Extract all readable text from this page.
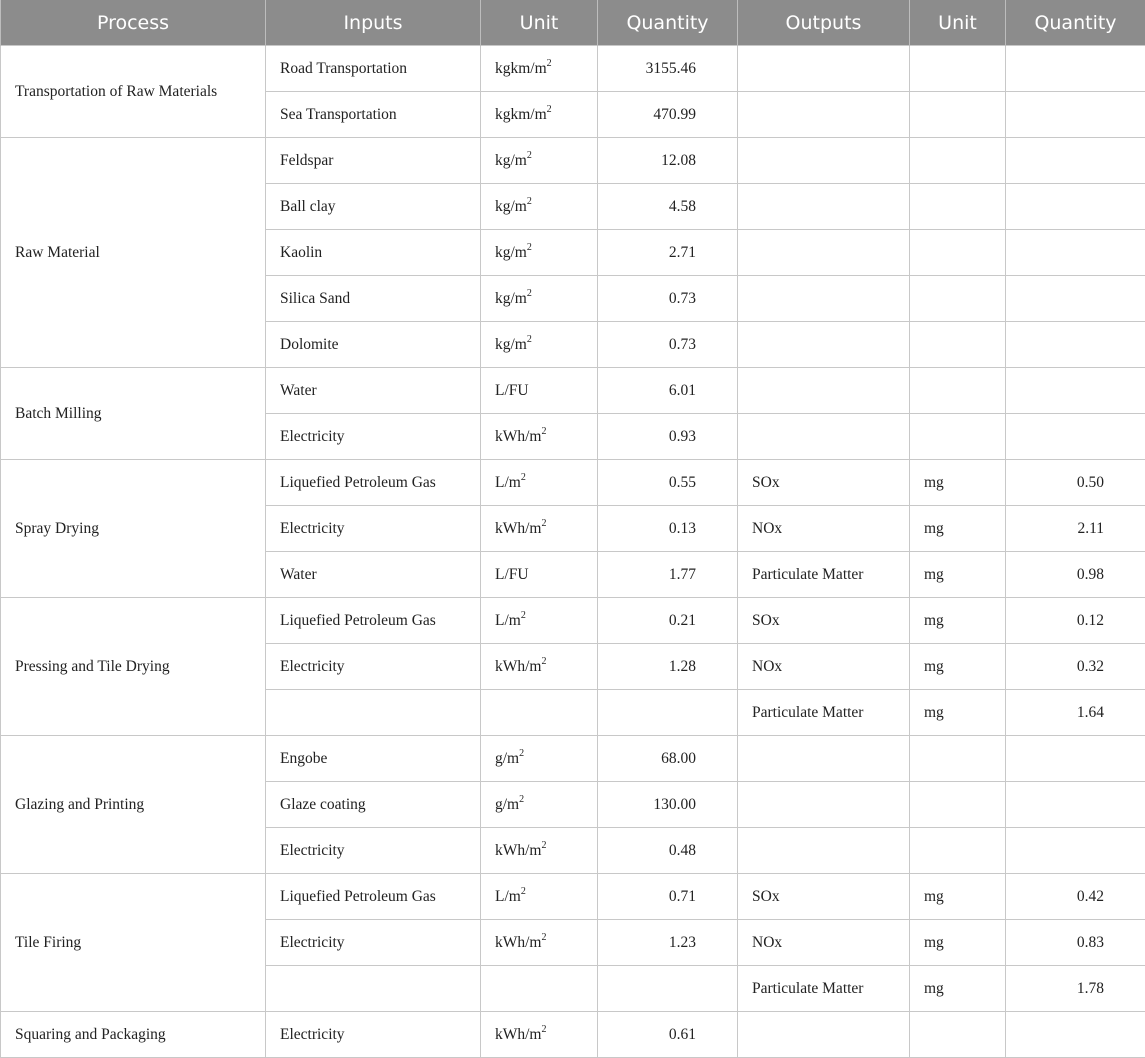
Process	Inputs	Unit	Quantity	Outputs	Unit	Quantity
Transportation of Raw Materials	Road Transportation	kgkm/$m^2$	3155.46			
	Sea Transportation	kgkm/$m^2$	470.99			
Raw Material	Feldspar	$kg/m^2$	12.08			
	Ball clay	$kg/m^2$	4.58			
	Kaolin	$kg/m^2$	2.71			
	Silica Sand	$kg/m^2$	0.73			
	Dolomite	$kg/m^2$	0.73			
Batch Milling	Water	L/FU	6.01			
	Electricity	kWh/$m^2$	0.93			
Spray Drying	Liquefied Petroleum Gas	$L/m^2$	0.55	SOx	mg	0.50
	Electricity	kWh/$m^2$	0.13	NOx	mg	2.11
	Water	L/FU	1.77	Particulate Matter	mg	0.98
Pressing and Tile Drying	Liquefied Petroleum Gas	$L/m^2$	0.21	SOx	mg	0.12
	Electricity	kWh/$m^2$	1.28	NOx	mg	0.32
				Particulate Matter	mg	1.64
Glazing and Printing	Engobe	$g/m^2$	68.00			
	Glaze coating	$g/m^2$	130.00			
	Electricity	kWh/$m^2$	0.48			
Tile Firing	Liquefied Petroleum Gas	$L/m^2$	0.71	SOx	mg	0.42
	Electricity	kWh/$m^2$	1.23	NOx	mg	0.83
				Particulate Matter	mg	1.78
Squaring and Packaging	Electricity	kWh/$m^2$	0.61			
